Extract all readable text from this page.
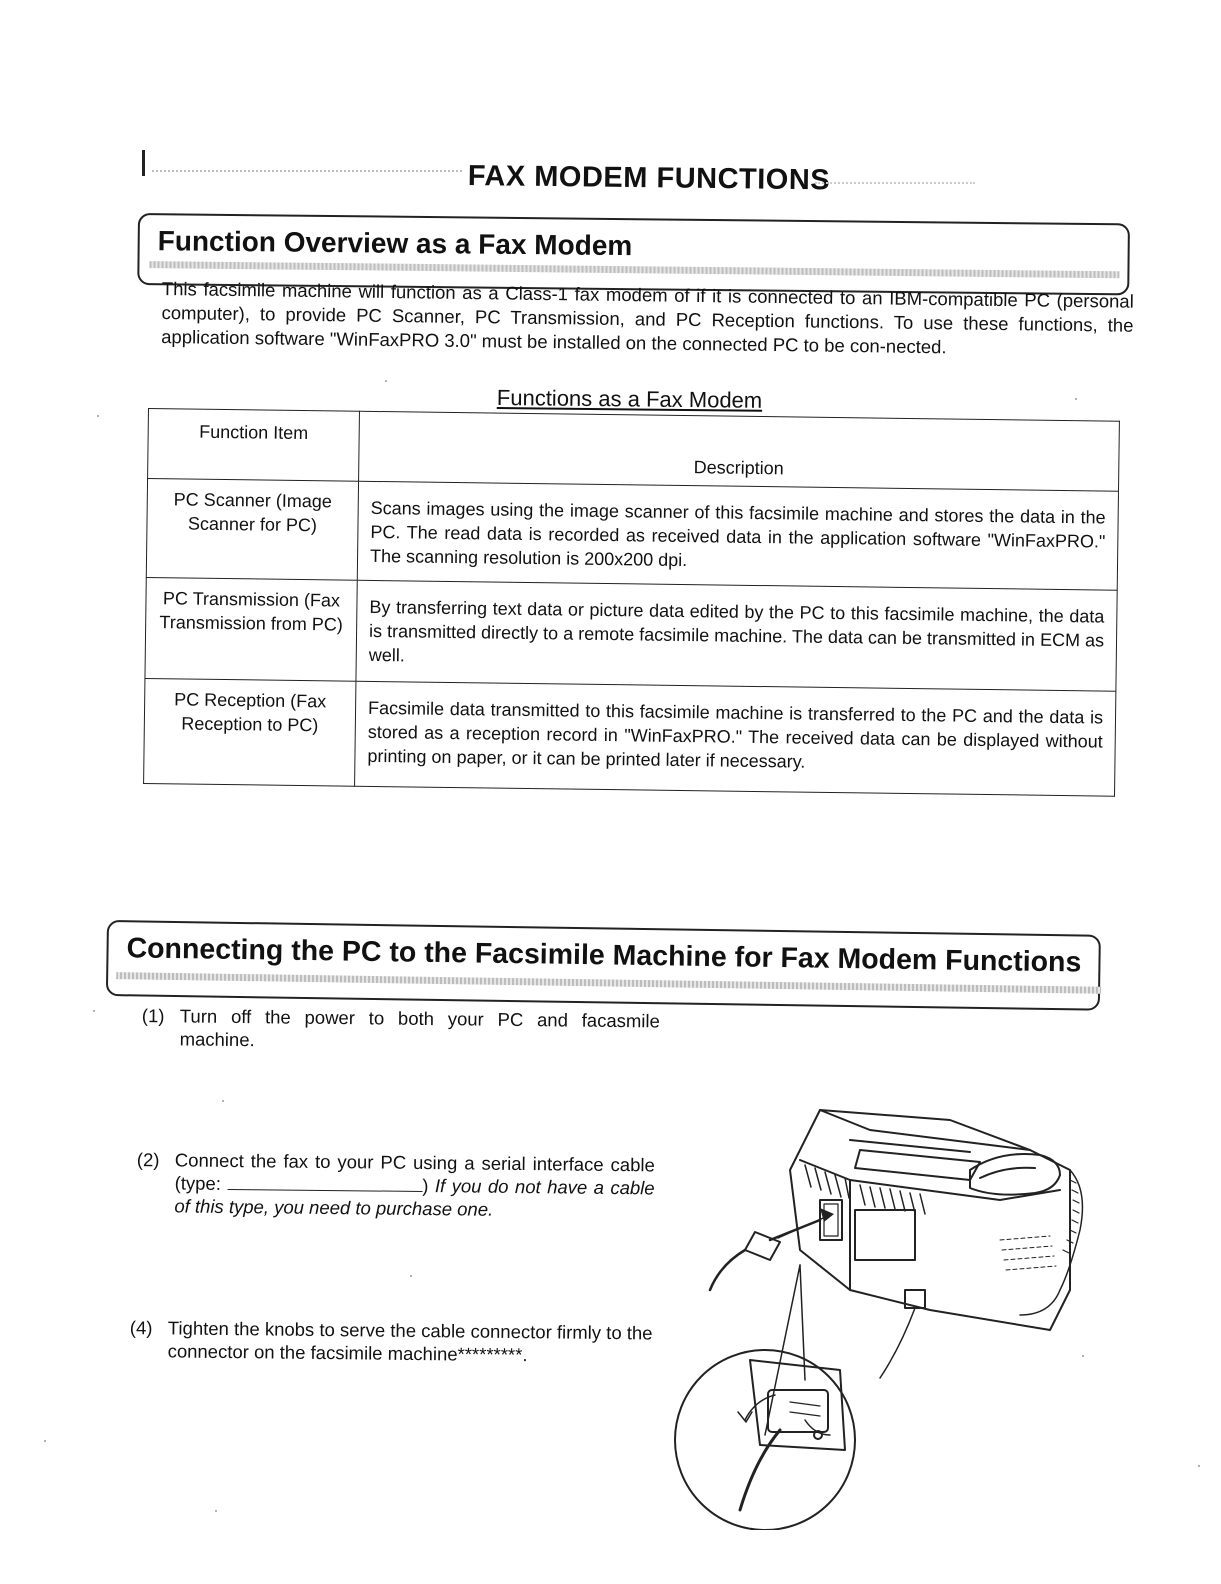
FAX MODEM FUNCTIONS
Function Overview as a Fax Modem
This facsimile machine will function as a Class-1 fax modem of if it is connected to an IBM-compatible PC (personal computer), to provide PC Scanner, PC Transmission, and PC Reception functions. To use these functions, the application software "WinFaxPRO 3.0" must be installed on the connected PC to be con-nected.
Functions as a Fax Modem
Function Item	Description
PC Scanner (Image Scanner for PC)	Scans images using the image scanner of this facsimile machine and stores the data in the PC. The read data is recorded as received data in the application software "WinFaxPRO." The scanning resolution is 200x200 dpi.
PC Transmission (Fax Transmission from PC)	By transferring text data or picture data edited by the PC to this facsimile machine, the data is transmitted directly to a remote facsimile machine. The data can be transmitted in ECM as well.
PC Reception (Fax Reception to PC)	Facsimile data transmitted to this facsimile machine is transferred to the PC and the data is stored as a reception record in "WinFaxPRO." The received data can be displayed without printing on paper, or it can be printed later if necessary.
Connecting the PC to the Facsimile Machine for Fax Modem Functions
(1) Turn off the power to both your PC and facasmile machine.
(2) Connect the fax to your PC using a serial interface cable (type:	) If you do not have a cable of this type, you need to purchase one.
(4) Tighten the knobs to serve the cable connector firmly to the connector on the facsimile machine*********.
